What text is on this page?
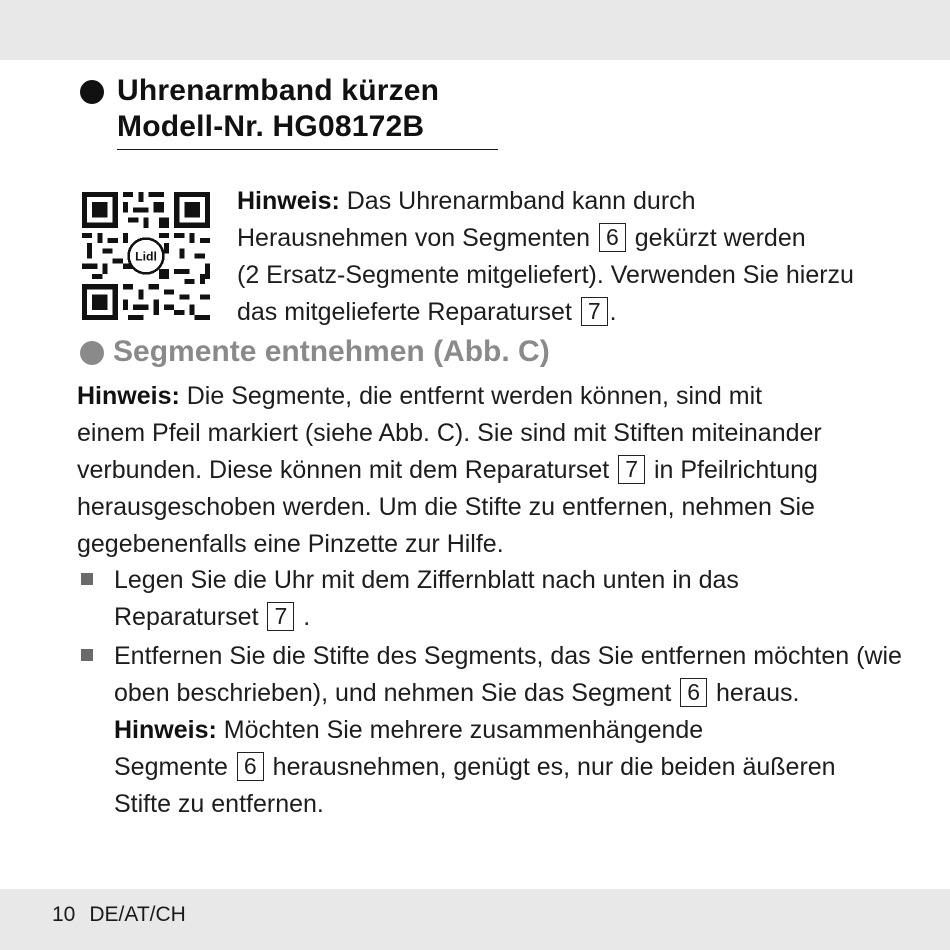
Uhrenarmband kürzen
Modell-Nr. HG08172B
Lidl
Hinweis: Das Uhrenarmband kann durch
Herausnehmen von Segmenten 6 gekürzt werden
(2 Ersatz-Segmente mitgeliefert). Verwenden Sie hierzu
das mitgelieferte Reparaturset 7 .
Segmente entnehmen (Abb. C)
Hinweis: Die Segmente, die entfernt werden können, sind mit
einem Pfeil markiert (siehe Abb. C). Sie sind mit Stiften miteinander
verbunden. Diese können mit dem Reparaturset 7 in Pfeilrichtung
herausgeschoben werden. Um die Stifte zu entfernen, nehmen Sie
gegebenenfalls eine Pinzette zur Hilfe.
Legen Sie die Uhr mit dem Ziffernblatt nach unten in das
Reparaturset 7 .
Entfernen Sie die Stifte des Segments, das Sie entfernen möchten (wie
oben beschrieben), und nehmen Sie das Segment 6 heraus.
Hinweis: Möchten Sie mehrere zusammenhängende
Segmente 6 herausnehmen, genügt es, nur die beiden äußeren
Stifte zu entfernen.
10 DE/AT/CH
